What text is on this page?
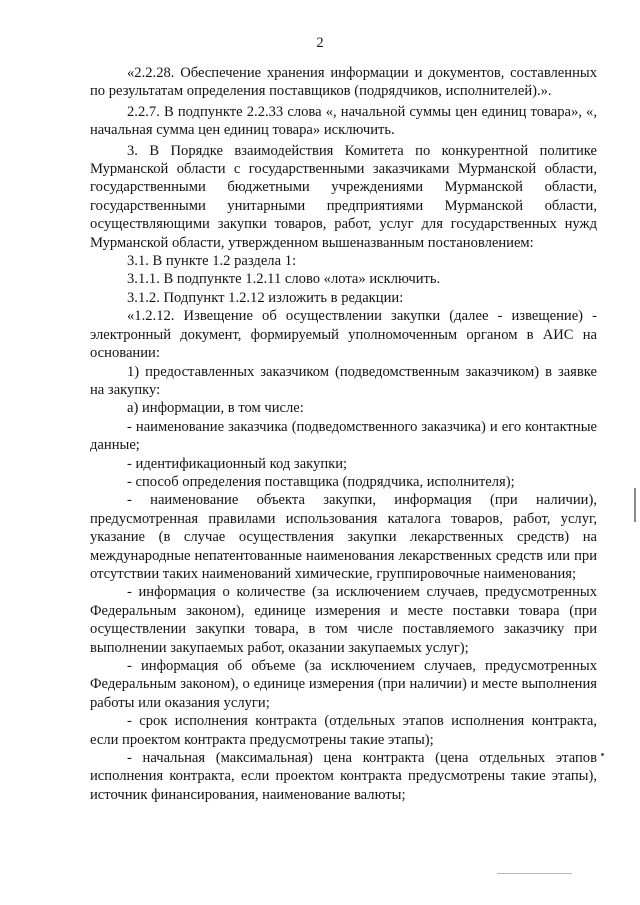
2

«2.2.28. Обеспечение хранения информации и документов, составленных по результатам определения поставщиков (подрядчиков, исполнителей).».

2.2.7. В подпункте 2.2.33 слова «, начальной суммы цен единиц товара», «, начальная сумма цен единиц товара» исключить.

3. В Порядке взаимодействия Комитета по конкурентной политике Мурманской области с государственными заказчиками Мурманской области, государственными бюджетными учреждениями Мурманской области, государственными унитарными предприятиями Мурманской области, осуществляющими закупки товаров, работ, услуг для государственных нужд Мурманской области, утвержденном вышеназванным постановлением:

3.1. В пункте 1.2 раздела 1:

3.1.1. В подпункте 1.2.11 слово «лота» исключить.

3.1.2. Подпункт 1.2.12 изложить в редакции:

«1.2.12. Извещение об осуществлении закупки (далее - извещение) - электронный документ, формируемый уполномоченным органом в АИС на основании:

1) предоставленных заказчиком (подведомственным заказчиком) в заявке на закупку:

а) информации, в том числе:

- наименование заказчика (подведомственного заказчика) и его контактные данные;

- идентификационный код закупки;

- способ определения поставщика (подрядчика, исполнителя);

- наименование объекта закупки, информация (при наличии), предусмотренная правилами использования каталога товаров, работ, услуг, указание (в случае осуществления закупки лекарственных средств) на международные непатентованные наименования лекарственных средств или при отсутствии таких наименований химические, группировочные наименования;

- информация о количестве (за исключением случаев, предусмотренных Федеральным законом), единице измерения и месте поставки товара (при осуществлении закупки товара, в том числе поставляемого заказчику при выполнении закупаемых работ, оказании закупаемых услуг);

- информация об объеме (за исключением случаев, предусмотренных Федеральным законом), о единице измерения (при наличии) и месте выполнения работы или оказания услуги;

- срок исполнения контракта (отдельных этапов исполнения контракта, если проектом контракта предусмотрены такие этапы);

- начальная (максимальная) цена контракта (цена отдельных этапов исполнения контракта, если проектом контракта предусмотрены такие этапы), источник финансирования, наименование валюты;
